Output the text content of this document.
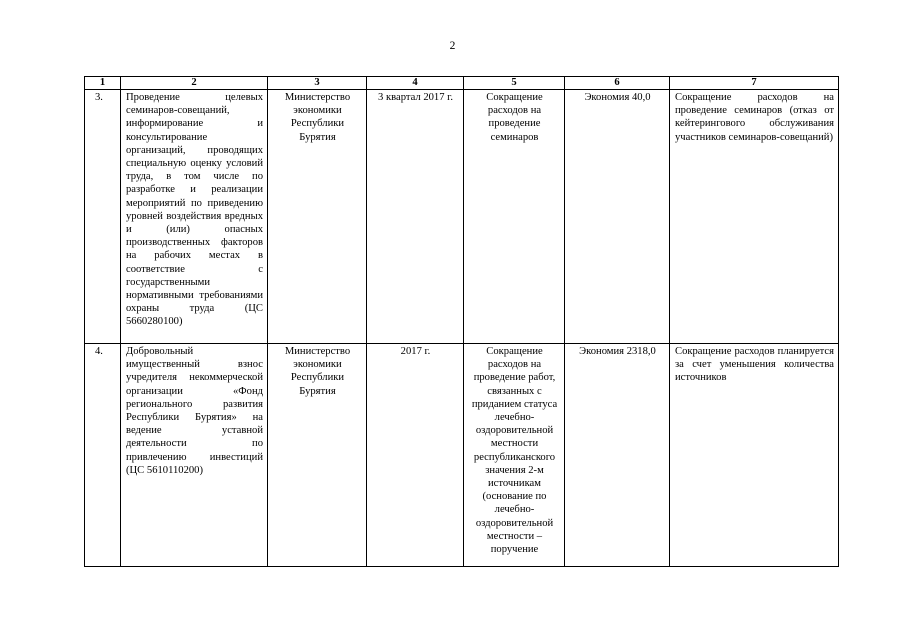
2
1	2	3	4	5	6	7
3.	Проведение целевых семинаров-совещаний, информирование и консультирование организаций, проводящих специальную оценку условий труда, в том числе по разработке и реализации мероприятий по приведению уровней воздействия вредных и (или) опасных производственных факторов на рабочих местах в соответствие с государственными нормативными требованиями охраны труда (ЦС 5660280100)	Министерство экономики Республики Бурятия	3 квартал 2017 г.	Сокращение расходов на проведение семинаров	Экономия 40,0	Сокращение расходов на проведение семинаров (отказ от кейтерингового обслуживания участников семинаров-совещаний)
4.	Добровольный имущественный взнос учредителя некоммерческой организации «Фонд регионального развития Республики Бурятия» на ведение уставной деятельности по привлечению инвестиций (ЦС 5610110200)	Министерство экономики Республики Бурятия	2017 г.	Сокращение расходов на проведение работ, связанных с приданием статуса лечебно-оздоровительной местности республиканского значения 2-м источникам (основание по лечебно-оздоровительной местности – поручение	Экономия 2318,0	Сокращение расходов планируется за счет уменьшения количества источников
